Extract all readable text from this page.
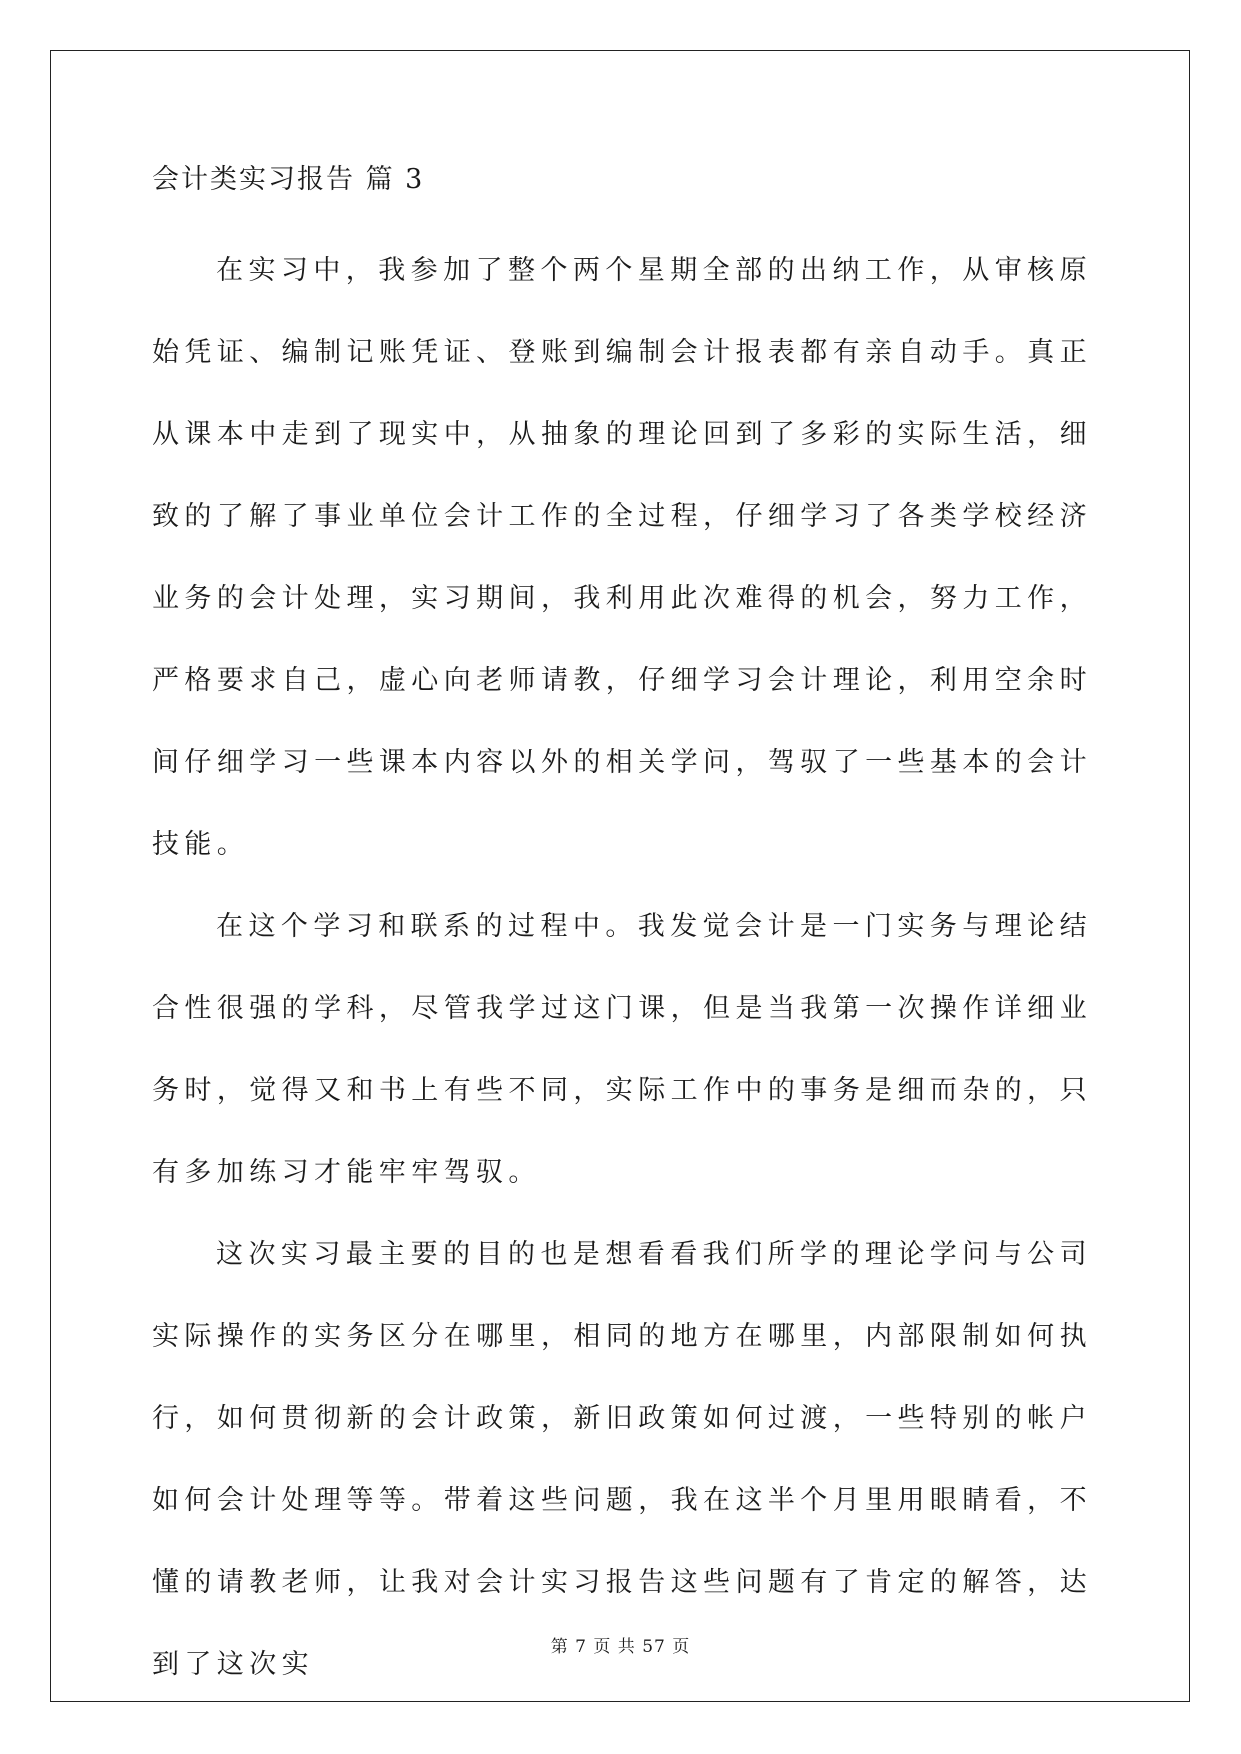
会计类实习报告 篇 3

在实习中，我参加了整个两个星期全部的出纳工作，从审核原始凭证、编制记账凭证、登账到编制会计报表都有亲自动手。真正从课本中走到了现实中，从抽象的理论回到了多彩的实际生活，细致的了解了事业单位会计工作的全过程，仔细学习了各类学校经济业务的会计处理，实习期间，我利用此次难得的机会，努力工作，严格要求自己，虚心向老师请教，仔细学习会计理论，利用空余时间仔细学习一些课本内容以外的相关学问，驾驭了一些基本的会计技能。

在这个学习和联系的过程中。我发觉会计是一门实务与理论结合性很强的学科，尽管我学过这门课，但是当我第一次操作详细业务时，觉得又和书上有些不同，实际工作中的事务是细而杂的，只有多加练习才能牢牢驾驭。

这次实习最主要的目的也是想看看我们所学的理论学问与公司实际操作的实务区分在哪里，相同的地方在哪里，内部限制如何执行，如何贯彻新的会计政策，新旧政策如何过渡，一些特别的帐户如何会计处理等等。带着这些问题，我在这半个月里用眼睛看，不懂的请教老师，让我对会计实习报告这些问题有了肯定的解答，达到了这次实

第 7 页 共 57 页
